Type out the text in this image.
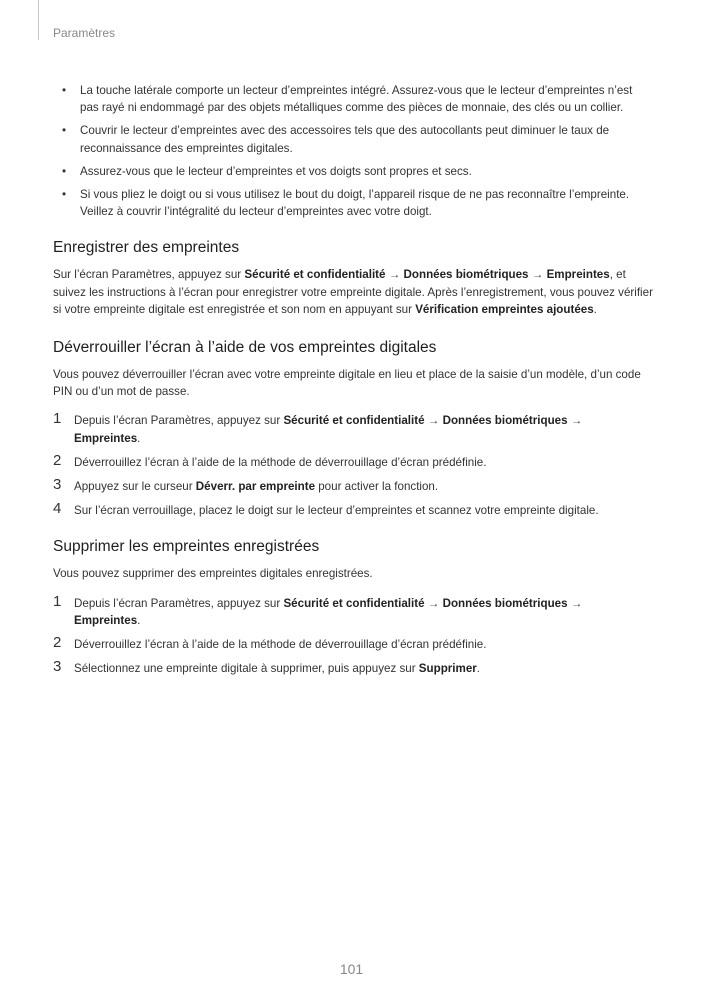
Paramètres
• La touche latérale comporte un lecteur d’empreintes intégré. Assurez-vous que le lecteur d’empreintes n’est pas rayé ni endommagé par des objets métalliques comme des pièces de monnaie, des clés ou un collier.
• Couvrir le lecteur d’empreintes avec des accessoires tels que des autocollants peut diminuer le taux de reconnaissance des empreintes digitales.
• Assurez-vous que le lecteur d’empreintes et vos doigts sont propres et secs.
• Si vous pliez le doigt ou si vous utilisez le bout du doigt, l’appareil risque de ne pas reconnaître l’empreinte. Veillez à couvrir l’intégralité du lecteur d’empreintes avec votre doigt.
Enregistrer des empreintes

Sur l’écran Paramètres, appuyez sur Sécurité et confidentialité → Données biométriques → Empreintes, et suivez les instructions à l’écran pour enregistrer votre empreinte digitale. Après l’enregistrement, vous pouvez vérifier si votre empreinte digitale est enregistrée et son nom en appuyant sur Vérification empreintes ajoutées.

Déverrouiller l’écran à l’aide de vos empreintes digitales

Vous pouvez déverrouiller l’écran avec votre empreinte digitale en lieu et place de la saisie d’un modèle, d’un code PIN ou d’un mot de passe.

1 Depuis l’écran Paramètres, appuyez sur Sécurité et confidentialité → Données biométriques →
Empreintes.
2 Déverrouillez l’écran à l’aide de la méthode de déverrouillage d’écran prédéfinie.
3 Appuyez sur le curseur Déverr. par empreinte pour activer la fonction.
4 Sur l’écran verrouillage, placez le doigt sur le lecteur d’empreintes et scannez votre empreinte digitale.
Supprimer les empreintes enregistrées

Vous pouvez supprimer des empreintes digitales enregistrées.

1 Depuis l’écran Paramètres, appuyez sur Sécurité et confidentialité → Données biométriques →
Empreintes.
2 Déverrouillez l’écran à l’aide de la méthode de déverrouillage d’écran prédéfinie.
3 Sélectionnez une empreinte digitale à supprimer, puis appuyez sur Supprimer.
101
